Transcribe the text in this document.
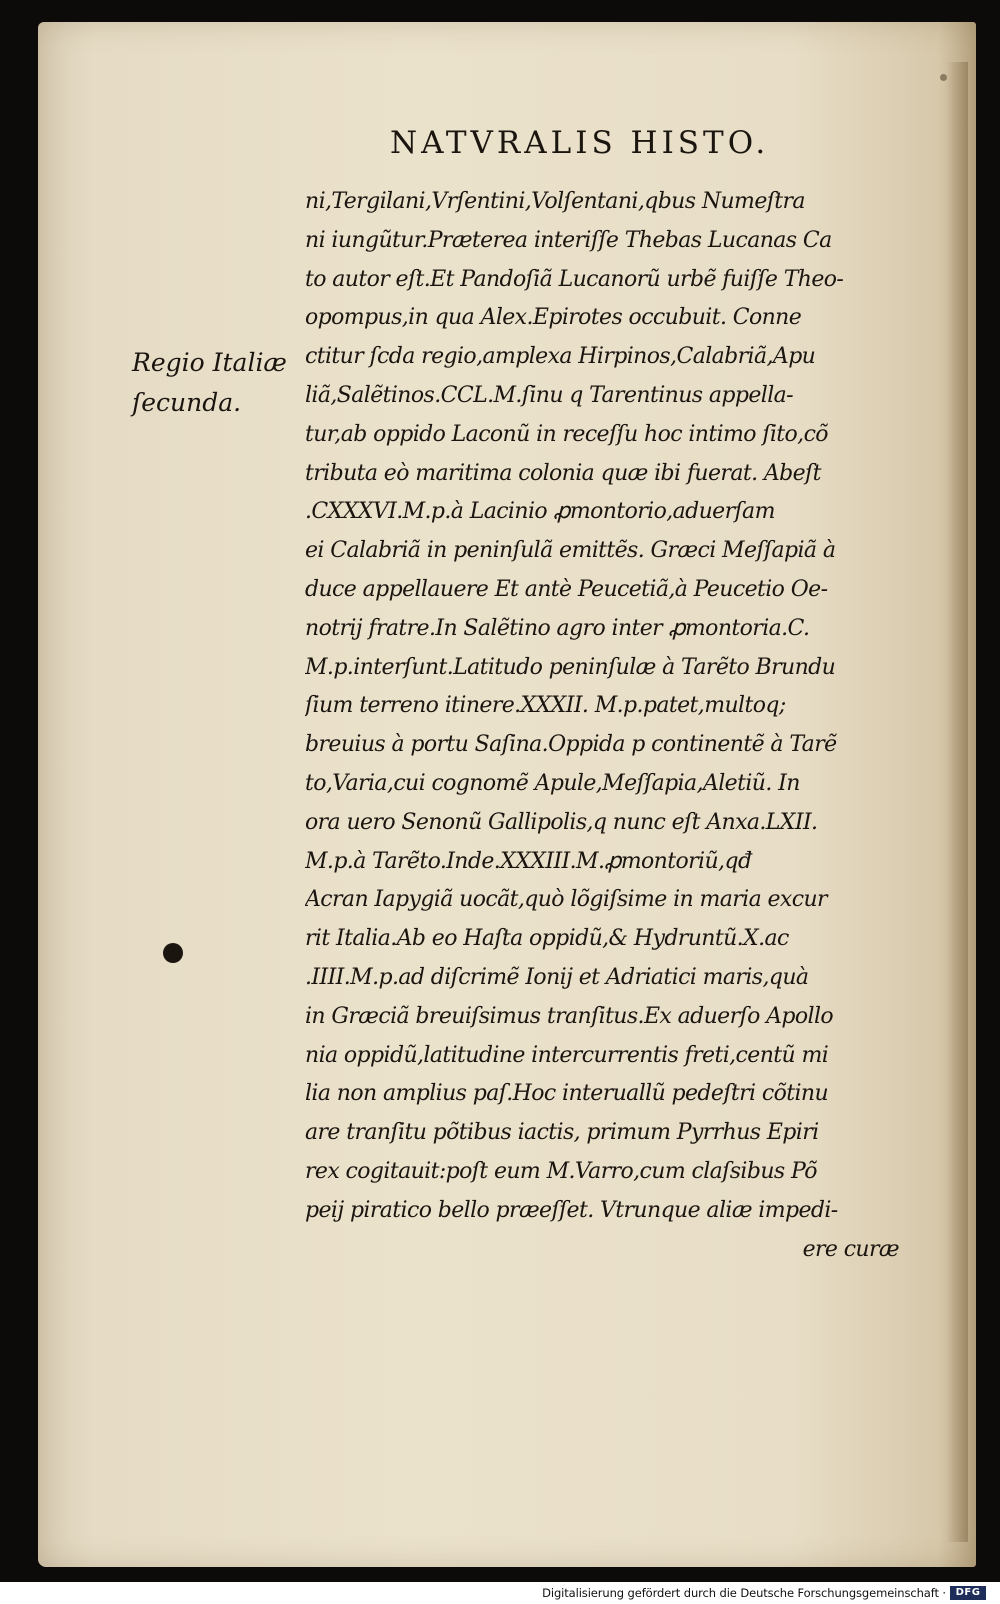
NATVRALIS HISTO.
Regio Italiæ
ſecunda.
ni,Tergilani,Vrſentini,Volſentani,qbus Numeſtra
ni iungũtur.Præterea interiſſe Thebas Lucanas Ca
to autor eſt.Et Pandoſiã Lucanorũ urbẽ fuiſſe Theo-
opompus,in qua Alex.Epirotes occubuit. Conne
ctitur ſcda regio,amplexa Hirpinos,Calabriã,Apu
liã,Salẽtinos.CCL.M.ſinu q Tarentinus appella-
tur,ab oppido Laconũ in receſſu hoc intimo ſito,cõ
tributa eò maritima colonia quæ ibi fuerat. Abeſt
.CXXXVI.M.p.à Lacinio ꝓmontorio,aduerſam
ei Calabriã in peninſulã emittẽs. Græci Meſſapiã à
duce appellauere Et antè Peucetiã,à Peucetio Oe-
notrij fratre.In Salẽtino agro inter ꝓmontoria.C.
M.p.interſunt.Latitudo peninſulæ à Tarẽto Brundu
ſium terreno itinere.XXXII. M.p.patet,multoq;
breuius à portu Saſina.Oppida p continentẽ à Tarẽ
to,Varia,cui cognomẽ Apule,Meſſapia,Aletiũ. In
ora uero Senonũ Gallipolis,q nunc eſt Anxa.LXII.
M.p.à Tarẽto.Inde.XXXIII.M.ꝓmontoriũ,qđ
Acran Iapygiã uocãt,quò lõgiſsime in maria excur
rit Italia.Ab eo Haſta oppidũ,& Hydruntũ.X.ac
.IIII.M.p.ad diſcrimẽ Ionij et Adriatici maris,quà
in Græciã breuiſsimus tranſitus.Ex aduerſo Apollo
nia oppidũ,latitudine intercurrentis freti,centũ mi
lia non amplius paſ.Hoc interuallũ pedeſtri cõtinu
are tranſitu põtibus iactis, primum Pyrrhus Epiri
rex cogitauit:poſt eum M.Varro,cum claſsibus Põ
peij piratico bello præeſſet. Vtrunque aliæ impedi-
ere curæ
Digitalisierung gefördert durch die Deutsche Forschungsgemeinschaft · DFG
